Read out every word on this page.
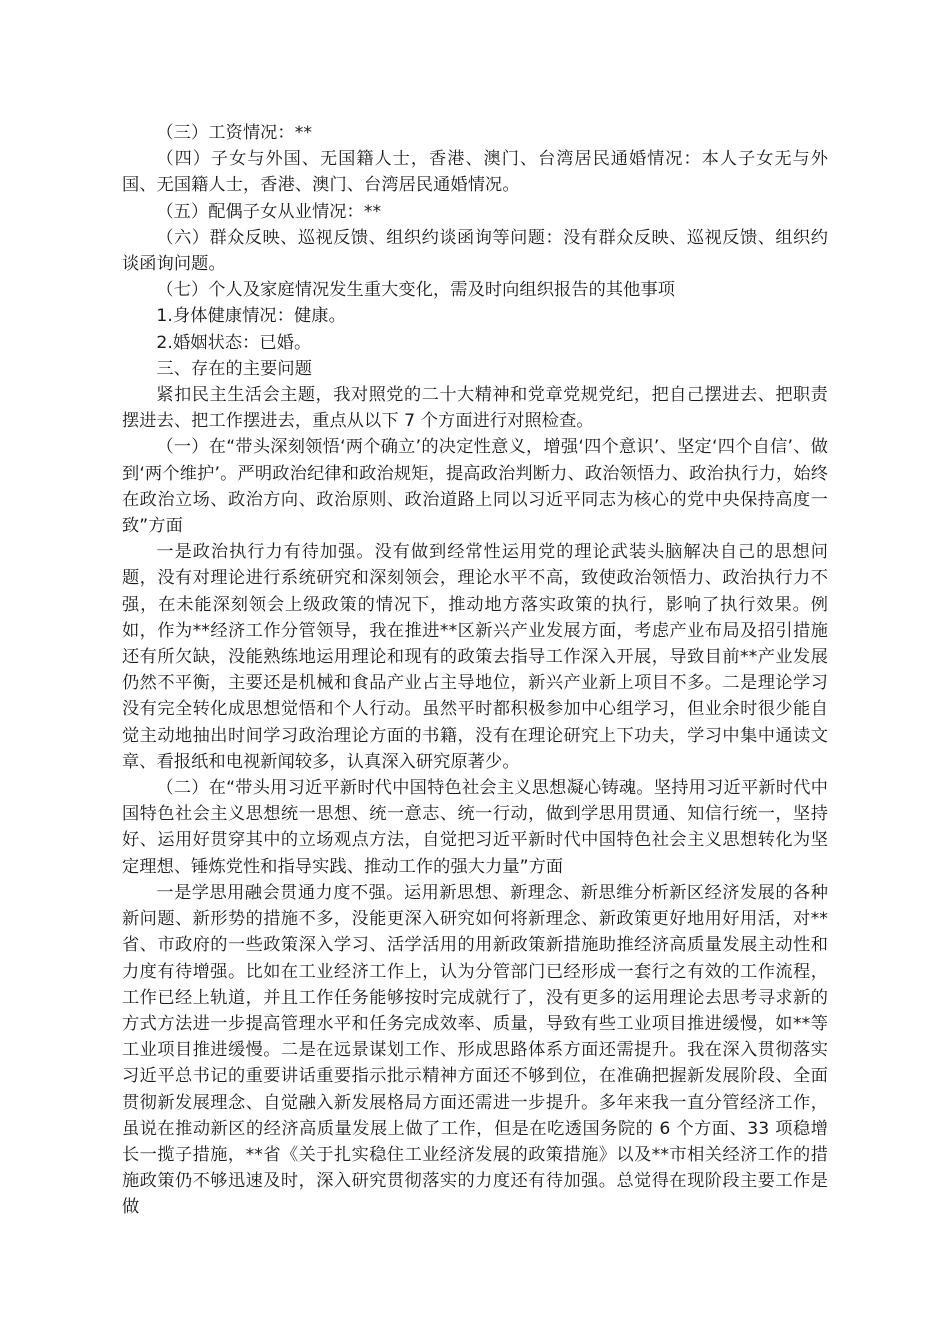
（三）工资情况：**

（四）子女与外国、无国籍人士，香港、澳门、台湾居民通婚情况：本人子女无与外国、无国籍人士，香港、澳门、台湾居民通婚情况。

（五）配偶子女从业情况：**

（六）群众反映、巡视反馈、组织约谈函询等问题：没有群众反映、巡视反馈、组织约谈函询问题。

（七）个人及家庭情况发生重大变化，需及时向组织报告的其他事项

1.身体健康情况：健康。

2.婚姻状态：已婚。

三、存在的主要问题

紧扣民主生活会主题，我对照党的二十大精神和党章党规党纪，把自己摆进去、把职责摆进去、把工作摆进去，重点从以下 7 个方面进行对照检查。

（一）在“带头深刻领悟‘两个确立’的决定性意义，增强‘四个意识’、坚定‘四个自信’、做到‘两个维护’。严明政治纪律和政治规矩，提高政治判断力、政治领悟力、政治执行力，始终在政治立场、政治方向、政治原则、政治道路上同以习近平同志为核心的党中央保持高度一致”方面

一是政治执行力有待加强。没有做到经常性运用党的理论武装头脑解决自己的思想问题，没有对理论进行系统研究和深刻领会，理论水平不高，致使政治领悟力、政治执行力不强，在未能深刻领会上级政策的情况下，推动地方落实政策的执行，影响了执行效果。例如，作为**经济工作分管领导，我在推进**区新兴产业发展方面，考虑产业布局及招引措施还有所欠缺，没能熟练地运用理论和现有的政策去指导工作深入开展，导致目前**产业发展仍然不平衡，主要还是机械和食品产业占主导地位，新兴产业新上项目不多。二是理论学习没有完全转化成思想觉悟和个人行动。虽然平时都积极参加中心组学习，但业余时很少能自觉主动地抽出时间学习政治理论方面的书籍，没有在理论研究上下功夫，学习中集中通读文章、看报纸和电视新闻较多，认真深入研究原著少。

（二）在“带头用习近平新时代中国特色社会主义思想凝心铸魂。坚持用习近平新时代中国特色社会主义思想统一思想、统一意志、统一行动，做到学思用贯通、知信行统一，坚持好、运用好贯穿其中的立场观点方法，自觉把习近平新时代中国特色社会主义思想转化为坚定理想、锤炼党性和指导实践、推动工作的强大力量”方面

一是学思用融会贯通力度不强。运用新思想、新理念、新思维分析新区经济发展的各种新问题、新形势的措施不多，没能更深入研究如何将新理念、新政策更好地用好用活，对**省、市政府的一些政策深入学习、活学活用的用新政策新措施助推经济高质量发展主动性和力度有待增强。比如在工业经济工作上，认为分管部门已经形成一套行之有效的工作流程，工作已经上轨道，并且工作任务能够按时完成就行了，没有更多的运用理论去思考寻求新的方式方法进一步提高管理水平和任务完成效率、质量，导致有些工业项目推进缓慢，如**等工业项目推进缓慢。二是在远景谋划工作、形成思路体系方面还需提升。我在深入贯彻落实习近平总书记的重要讲话重要指示批示精神方面还不够到位，在准确把握新发展阶段、全面贯彻新发展理念、自觉融入新发展格局方面还需进一步提升。多年来我一直分管经济工作，虽说在推动新区的经济高质量发展上做了工作，但是在吃透国务院的 6 个方面、33 项稳增长一揽子措施，**省《关于扎实稳住工业经济发展的政策措施》以及**市相关经济工作的措施政策仍不够迅速及时，深入研究贯彻落实的力度还有待加强。总觉得在现阶段主要工作是做
